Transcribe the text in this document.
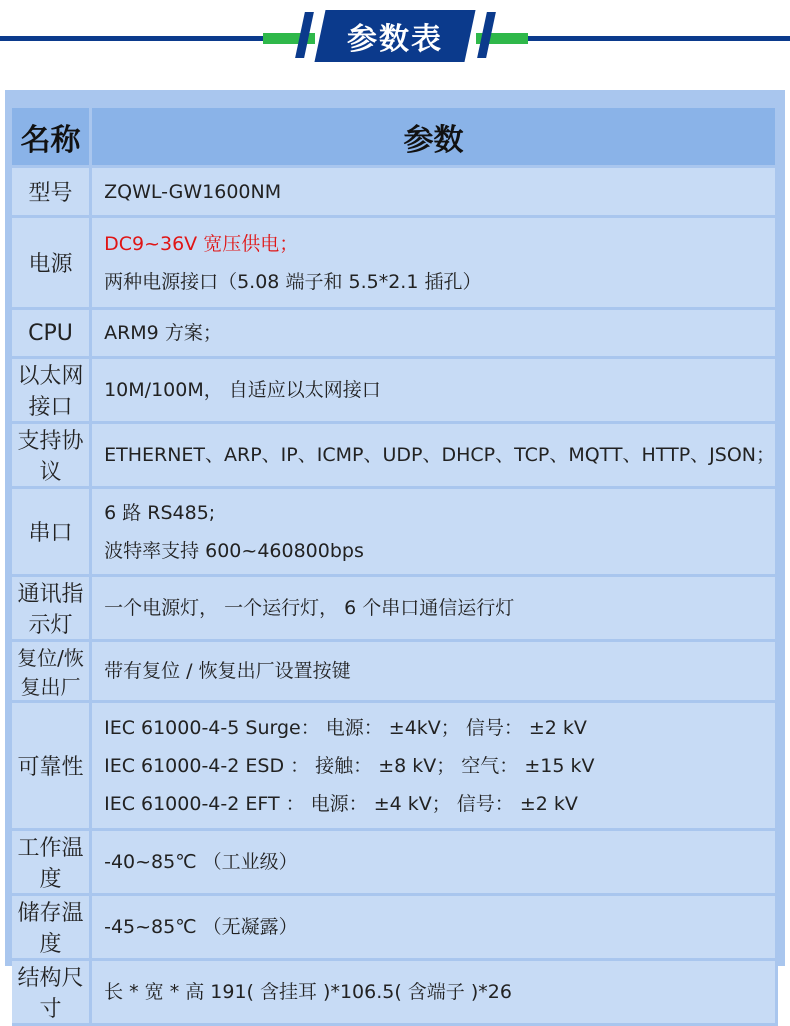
参数表
名称	参数
型号	ZQWL-GW1600NM

电源	DC9~36V 宽压供电；
两种电源接口（5.08 端子和 5.5*2.1 插孔）

CPU	ARM9 方案；

以太网接口	10M/100M， 自适应以太网接口

支持协议	ETHERNET、ARP、IP、ICMP、UDP、DHCP、TCP、MQTT、HTTP、JSON；

串口	6 路 RS485;
波特率支持 600~460800bps

通讯指示灯	一个电源灯， 一个运行灯， 6 个串口通信运行灯

复位/恢复出厂	带有复位 / 恢复出厂设置按键

可靠性	IEC 61000-4-5 Surge： 电源： ±4kV； 信号： ±2 kV
IEC 61000-4-2 ESD ： 接触： ±8 kV； 空气： ±15 kV
IEC 61000-4-2 EFT ： 电源： ±4 kV； 信号： ±2 kV

工作温度	-40~85℃ （工业级）

储存温度	-45~85℃ （无凝露）

结构尺寸	长 * 宽 * 高 191( 含挂耳 )*106.5( 含端子 )*26
